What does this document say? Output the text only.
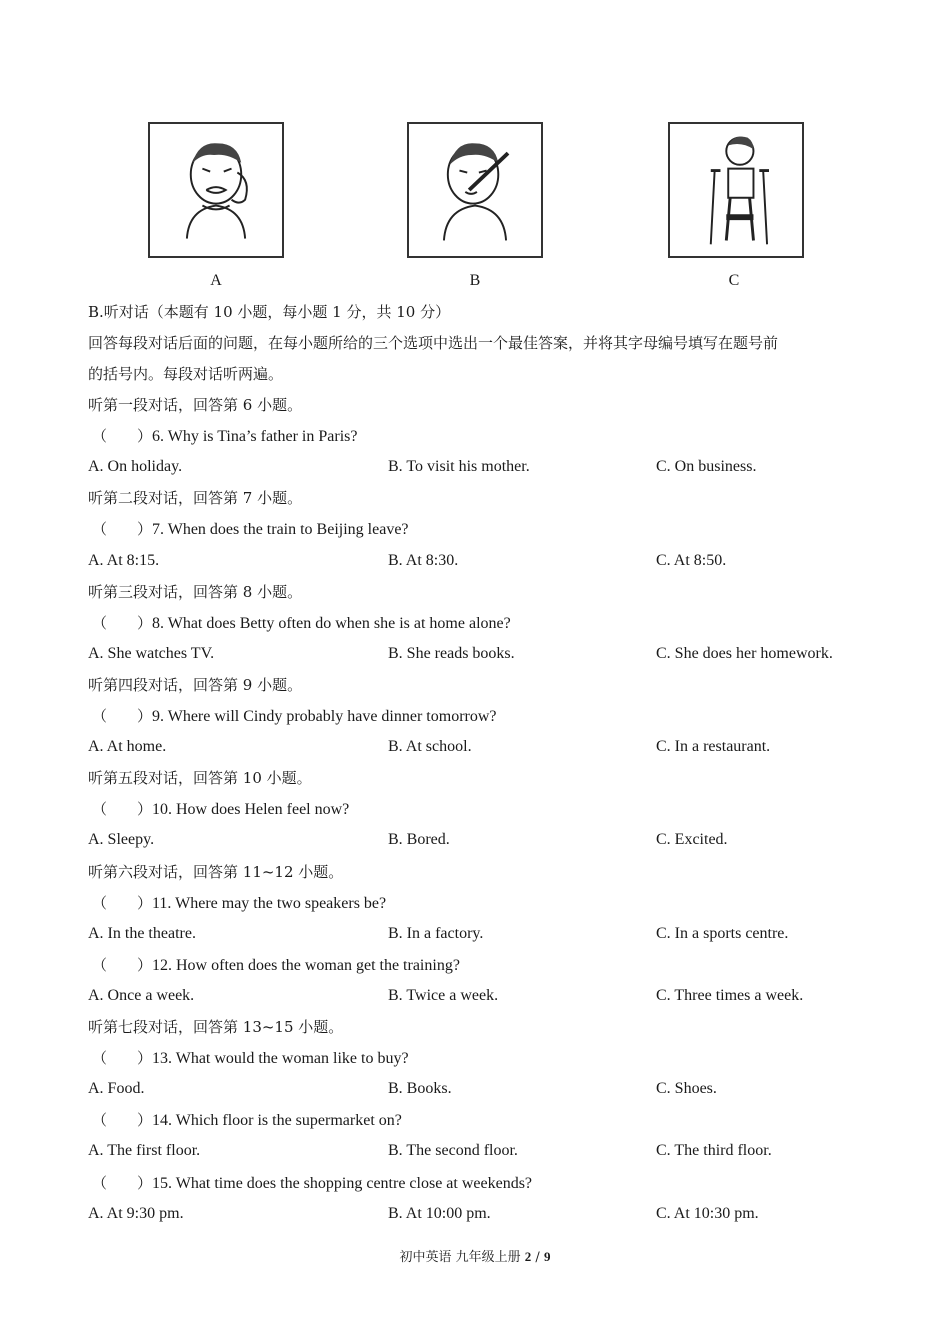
A	B	C
B.听对话（本题有 10 小题，每小题 1 分，共 10 分）
回答每段对话后面的问题，在每小题所给的三个选项中选出一个最佳答案，并将其字母编号填写在题号前
的括号内。每段对话听两遍。
听第一段对话，回答第 6 小题。
（　　）6. Why is Tina’s father in Paris?
A. On holiday.	B. To visit his mother.	C. On business.
听第二段对话，回答第 7 小题。
（　　）7. When does the train to Beijing leave?
A. At 8:15.	B. At 8:30.	C. At 8:50.
听第三段对话，回答第 8 小题。
（　　）8. What does Betty often do when she is at home alone?
A. She watches TV.	B. She reads books.	C. She does her homework.
听第四段对话，回答第 9 小题。
（　　）9. Where will Cindy probably have dinner tomorrow?
A. At home.	B. At school.	C. In a restaurant.
听第五段对话，回答第 10 小题。
（　　）10. How does Helen feel now?
A. Sleepy.	B. Bored.	C. Excited.
听第六段对话，回答第 11~12 小题。
（　　）11. Where may the two speakers be?
A. In the theatre.	B. In a factory.	C. In a sports centre.
（　　）12. How often does the woman get the training?
A. Once a week.	B. Twice a week.	C. Three times a week.
听第七段对话，回答第 13~15 小题。
（　　）13. What would the woman like to buy?
A. Food.	B. Books.	C. Shoes.
（　　）14. Which floor is the supermarket on?
A. The first floor.	B. The second floor.	C. The third floor.
（　　）15. What time does the shopping centre close at weekends?
A. At 9:30 pm.	B. At 10:00 pm.	C. At 10:30 pm.
初中英语 九年级上册 2 / 9
